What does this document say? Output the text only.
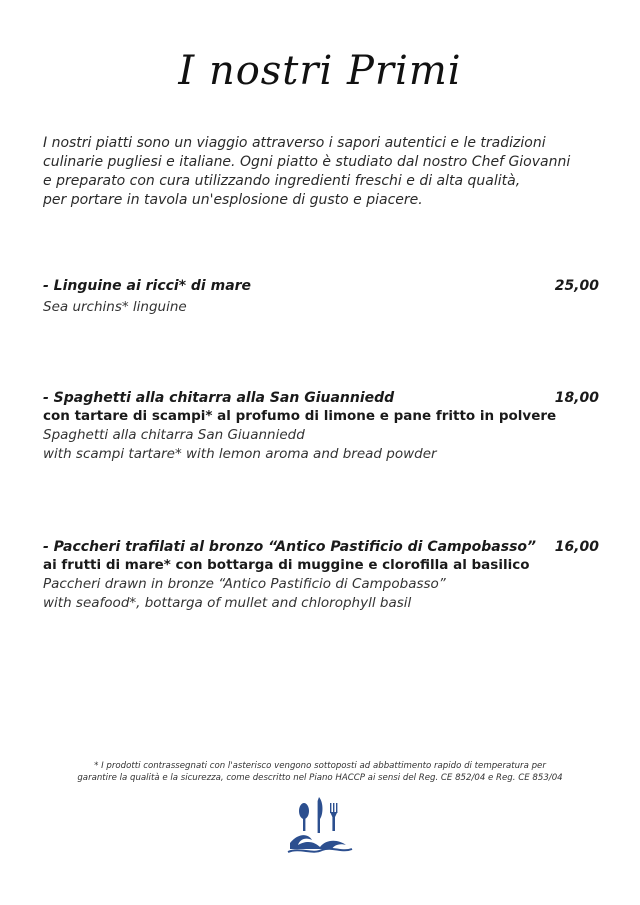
I nostri Primi
I nostri piatti sono un viaggio attraverso i sapori autentici e le tradizioni
culinarie pugliesi e italiane. Ogni piatto è studiato dal nostro Chef Giovanni
e preparato con cura utilizzando ingredienti freschi e di alta qualità,
per portare in tavola un'esplosione di gusto e piacere.
- Linguine ai ricci* di mare	25,00
Sea urchins* linguine
- Spaghetti alla chitarra alla San Giuanniedd	18,00
con tartare di scampi* al profumo di limone e pane fritto in polvere
Spaghetti alla chitarra San Giuanniedd
with scampi tartare* with lemon aroma and bread powder
- Paccheri trafilati al bronzo “Antico Pastificio di Campobasso” 16,00
ai frutti di mare* con bottarga di muggine e clorofilla al basilico
Paccheri drawn in bronze “Antico Pastificio di Campobasso”
with seafood*, bottarga of mullet and chlorophyll basil
* I prodotti contrassegnati con l'asterisco vengono sottoposti ad abbattimento rapido di temperatura per
garantire la qualità e la sicurezza, come descritto nel Piano HACCP ai sensi del Reg. CE 852/04 e Reg. CE 853/04
